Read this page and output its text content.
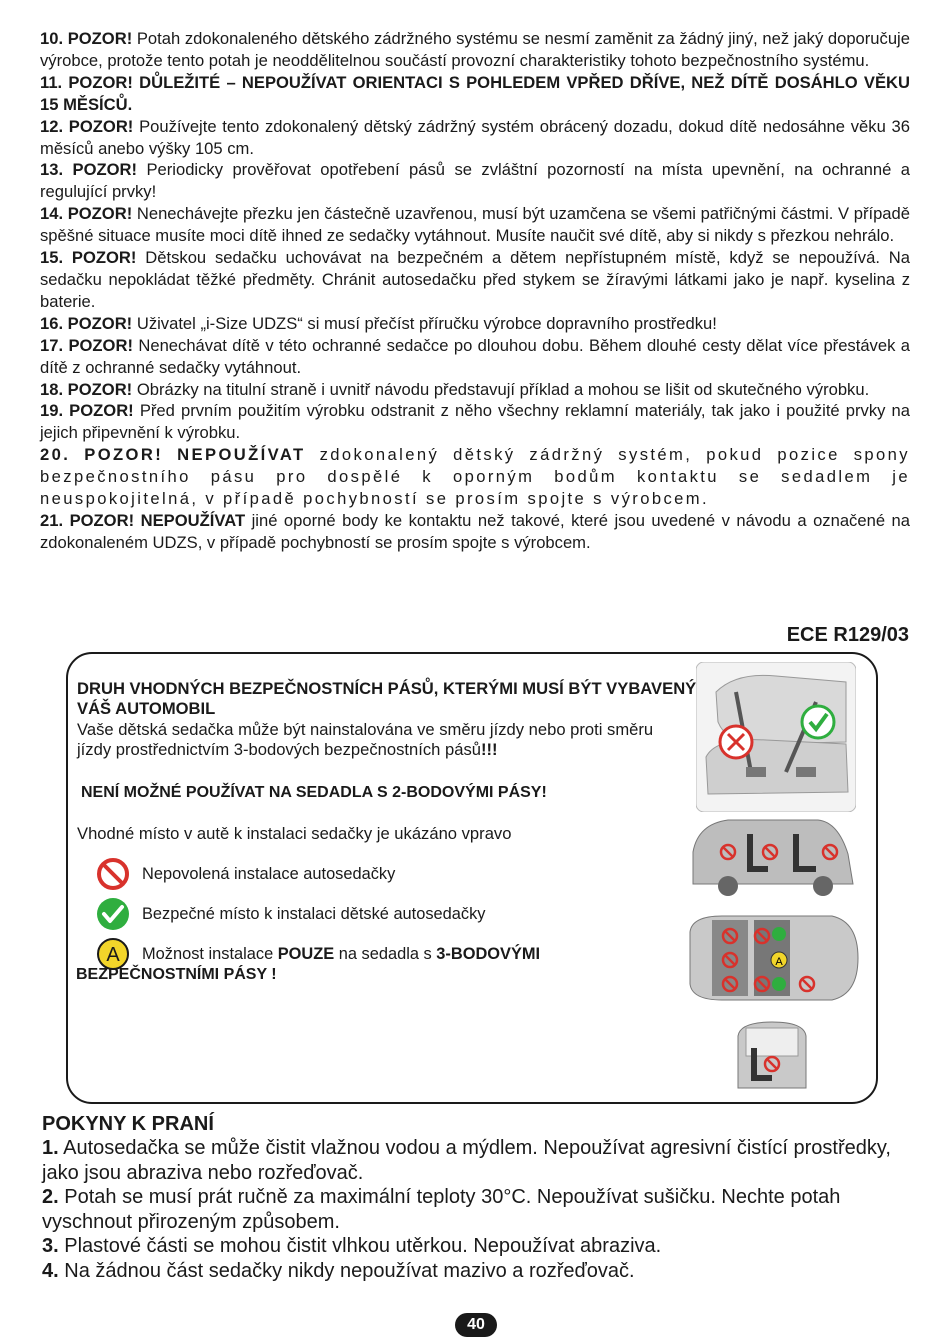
10. POZOR! Potah zdokonaleného dětského zádržného systému se nesmí zaměnit za žádný jiný, než jaký doporučuje výrobce, protože tento potah je neoddělitelnou součástí provozní charakteristiky tohoto bezpečnostního systému.

11. POZOR! DŮLEŽITÉ – NEPOUŽÍVAT ORIENTACI S POHLEDEM VPŘED DŘÍVE, NEŽ DÍTĚ DOSÁHLO VĚKU 15 MĚSÍCŮ.

12. POZOR! Používejte tento zdokonalený dětský zádržný systém obrácený dozadu, dokud dítě nedosáhne věku 36 měsíců anebo výšky 105 cm.

13. POZOR! Periodicky prověřovat opotřebení pásů se zvláštní pozorností na místa upevnění, na ochranné a regulující prvky!

14. POZOR! Nenechávejte přezku jen částečně uzavřenou, musí být uzamčena se všemi patřičnými částmi. V případě spěšné situace musíte moci dítě ihned ze sedačky vytáhnout. Musíte naučit své dítě, aby si nikdy s přezkou nehrálo.

15. POZOR! Dětskou sedačku uchovávat na bezpečném a dětem nepřístupném místě, když se nepoužívá. Na sedačku nepokládat těžké předměty. Chránit autosedačku před stykem se žíravými látkami jako je např. kyselina z baterie.

16. POZOR! Uživatel „i-Size UDZS“ si musí přečíst příručku výrobce dopravního prostředku!

17. POZOR! Nenechávat dítě v této ochranné sedačce po dlouhou dobu. Během dlouhé cesty dělat více přestávek a dítě z ochranné sedačky vytáhnout.

18. POZOR! Obrázky na titulní straně i uvnitř návodu představují příklad a mohou se lišit od skutečného výrobku.

19. POZOR! Před prvním použitím výrobku odstranit z něho všechny reklamní materiály, tak jako i použité prvky na jejich připevnění k výrobku.

20. POZOR! NEPOUŽÍVAT zdokonalený dětský zádržný systém, pokud pozice spony bezpečnostního pásu pro dospělé k oporným bodům kontaktu se sedadlem je neuspokojitelná, v případě pochybností se prosím spojte s výrobcem.

21. POZOR! NEPOUŽÍVAT jiné oporné body ke kontaktu než takové, které jsou uvedené v návodu a označené na zdokonaleném UDZS, v případě pochybností se prosím spojte s výrobcem.

ECE R129/03
DRUH VHODNÝCH BEZPEČNOSTNÍCH PÁSŮ, KTERÝMI MUSÍ BÝT VYBAVENÝ VÁŠ AUTOMOBIL
Vaše dětská sedačka může být nainstalována ve směru jízdy nebo proti směru jízdy prostřednictvím 3-bodových bezpečnostních pásů!!!
NENÍ MOŽNÉ POUŽÍVAT NA SEDADLA S 2-BODOVÝMI PÁSY!
Vhodné místo v autě k instalaci sedačky je ukázáno vpravo
Nepovolená instalace autosedačky
Bezpečné místo k instalaci dětské autosedačky
A Možnost instalace POUZE na sedadla s 3-BODOVÝMI	A
BEZPEČNOSTNÍMI PÁSY !
POKYNY K PRANÍ

1. Autosedačka se může čistit vlažnou vodou a mýdlem. Nepoužívat agresivní čistící prostředky, jako jsou abraziva nebo rozřeďovač.

2. Potah se musí prát ručně za maximální teploty 30°C. Nepoužívat sušičku. Nechte potah vyschnout přirozeným způsobem.

3. Plastové části se mohou čistit vlhkou utěrkou. Nepoužívat abraziva.

4. Na žádnou část sedačky nikdy nepoužívat mazivo a rozřeďovač.

40
